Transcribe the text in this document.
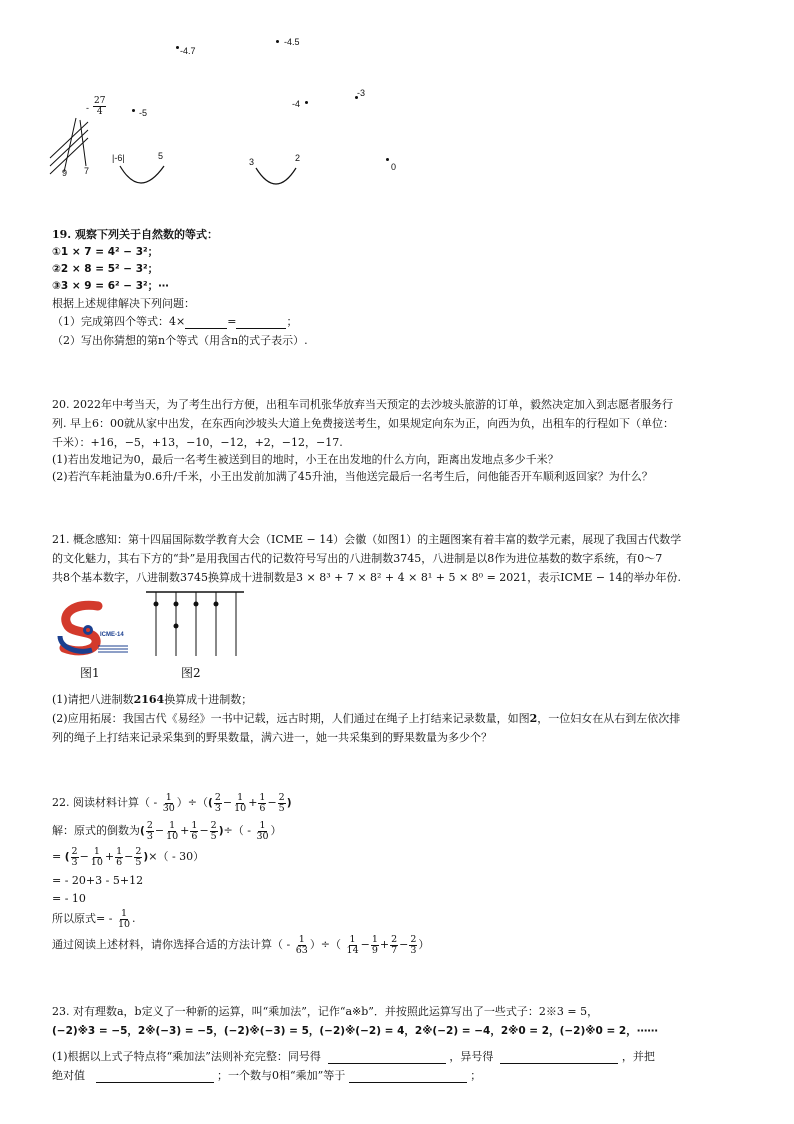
-4.7
-4.5
- $\frac{27}{4}$	-5
-4
-3
0
9 7
|-6|	5
3	2
19. 观察下列关于自然数的等式：
①1 × 7 = 4² − 3²；
②2 × 8 = 5² − 3²；
③3 × 9 = 6² − 3²；⋯
根据上述规律解决下列问题：
（1）完成第四个等式：4×	=	；
（2）写出你猜想的第n个等式（用含n的式子表示）.
20. 2022年中考当天，为了考生出行方便，出租车司机张华放弃当天预定的去沙坡头旅游的订单，毅然决定加入到志愿者服务行
列. 早上6：00就从家中出发，在东西向沙坡头大道上免费接送考生，如果规定向东为正，向西为负，出租车的行程如下（单位：
千米）：+16，−5，+13，−10，−12，+2，−12，−17.
(1)若出发地记为0，最后一名考生被送到目的地时，小王在出发地的什么方向，距离出发地点多少千米？
(2)若汽车耗油量为0.6升/千米，小王出发前加满了45升油，当他送完最后一名考生后，问他能否开车顺利返回家？为什么？
21. 概念感知：第十四届国际数学教育大会（ICME − 14）会徽（如图1）的主题图案有着丰富的数学元素，展现了我国古代数学
的文化魅力，其右下方的“卦”是用我国古代的记数符号写出的八进制数3745，八进制是以8作为进位基数的数字系统，有0～7
共8个基本数字，八进制数3745换算成十进制数是3 × 8³ + 7 × 8² + 4 × 8¹ + 5 × 8⁰ = 2021，表示ICME − 14的举办年份.
ICME-14
图1	图2
(1)请把八进制数2164换算成十进制数；
(2)应用拓展：我国古代《易经》一书中记载，远古时期，人们通过在绳子上打结来记录数量，如图2，一位妇女在从右到左依次排
列的绳子上打结来记录采集到的野果数量，满六进一，她一共采集到的野果数量为多少个？
22. 阅读材料计算（ - $\frac{1}{30}$ ）÷（( $\frac{2}{3} - \frac{1}{10} + \frac{1}{6} - \frac{2}{5}$ )
解：原式的倒数为( $\frac{2}{3} - \frac{1}{10} + \frac{1}{6} - \frac{2}{5}$ )÷（ - $\frac{1}{30}$ ）
= ( $\frac{2}{3} - \frac{1}{10} + \frac{1}{6} - \frac{2}{5}$ )×（ - 30）
= - 20+3 - 5+12
= - 10
所以原式= - $\frac{1}{10}$ .
通过阅读上述材料，请你选择合适的方法计算（ - $\frac{1}{63}$ ）÷（ $\frac{1}{14} - \frac{1}{9} + \frac{2}{7} - \frac{2}{3}$ ）
23. 对有理数a，b定义了一种新的运算，叫“乘加法”，记作“a※b”．并按照此运算写出了一些式子：2※3 = 5，
(−2)※3 = −5，2※(−3) = −5，(−2)※(−3) = 5，(−2)※(−2) = 4，2※(−2) = −4，2※0 = 2，(−2)※0 = 2，⋯⋯
(1)根据以上式子特点将“乘加法”法则补充完整：同号得	，异号得	，并把
绝对值	；一个数与0相“乘加”等于	；
